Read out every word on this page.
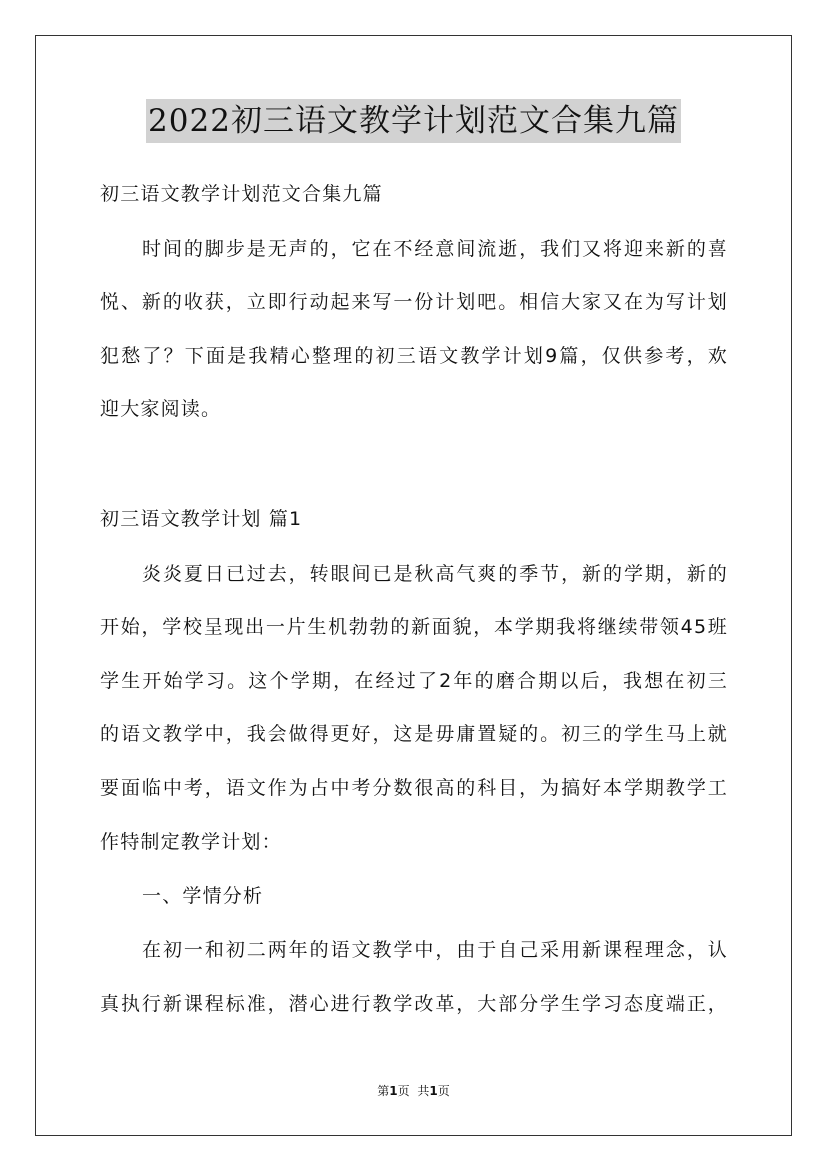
2022初三语文教学计划范文合集九篇
初三语文教学计划范文合集九篇
时间的脚步是无声的，它在不经意间流逝，我们又将迎来新的喜
悦、新的收获，立即行动起来写一份计划吧。相信大家又在为写计划
犯愁了？下面是我精心整理的初三语文教学计划9篇，仅供参考，欢
迎大家阅读。
初三语文教学计划 篇1
炎炎夏日已过去，转眼间已是秋高气爽的季节，新的学期，新的
开始，学校呈现出一片生机勃勃的新面貌，本学期我将继续带领45班
学生开始学习。这个学期，在经过了2年的磨合期以后，我想在初三
的语文教学中，我会做得更好，这是毋庸置疑的。初三的学生马上就
要面临中考，语文作为占中考分数很高的科目，为搞好本学期教学工
作特制定教学计划：
一、学情分析
在初一和初二两年的语文教学中，由于自己采用新课程理念，认
真执行新课程标准，潜心进行教学改革，大部分学生学习态度端正，
第1页 共1页
